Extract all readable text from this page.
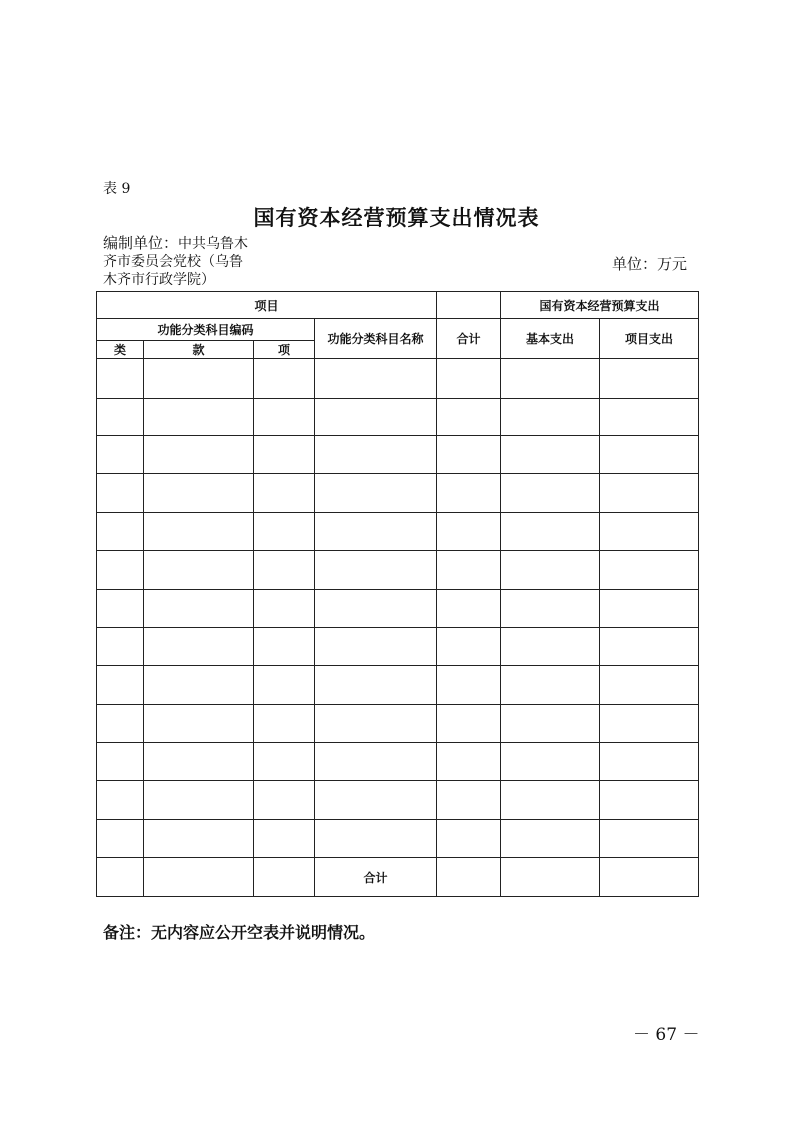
表 9
国有资本经营预算支出情况表
编制单位：中共乌鲁木
齐市委员会党校（乌鲁
木齐市行政学院）
单位：万元
项目					国有资本经营预算支出	
功能分类科目编码			功能分类科目名称	合计	基本支出	项目支出
类	款	项				

			合计			
备注：无内容应公开空表并说明情况。
－ 67 －
